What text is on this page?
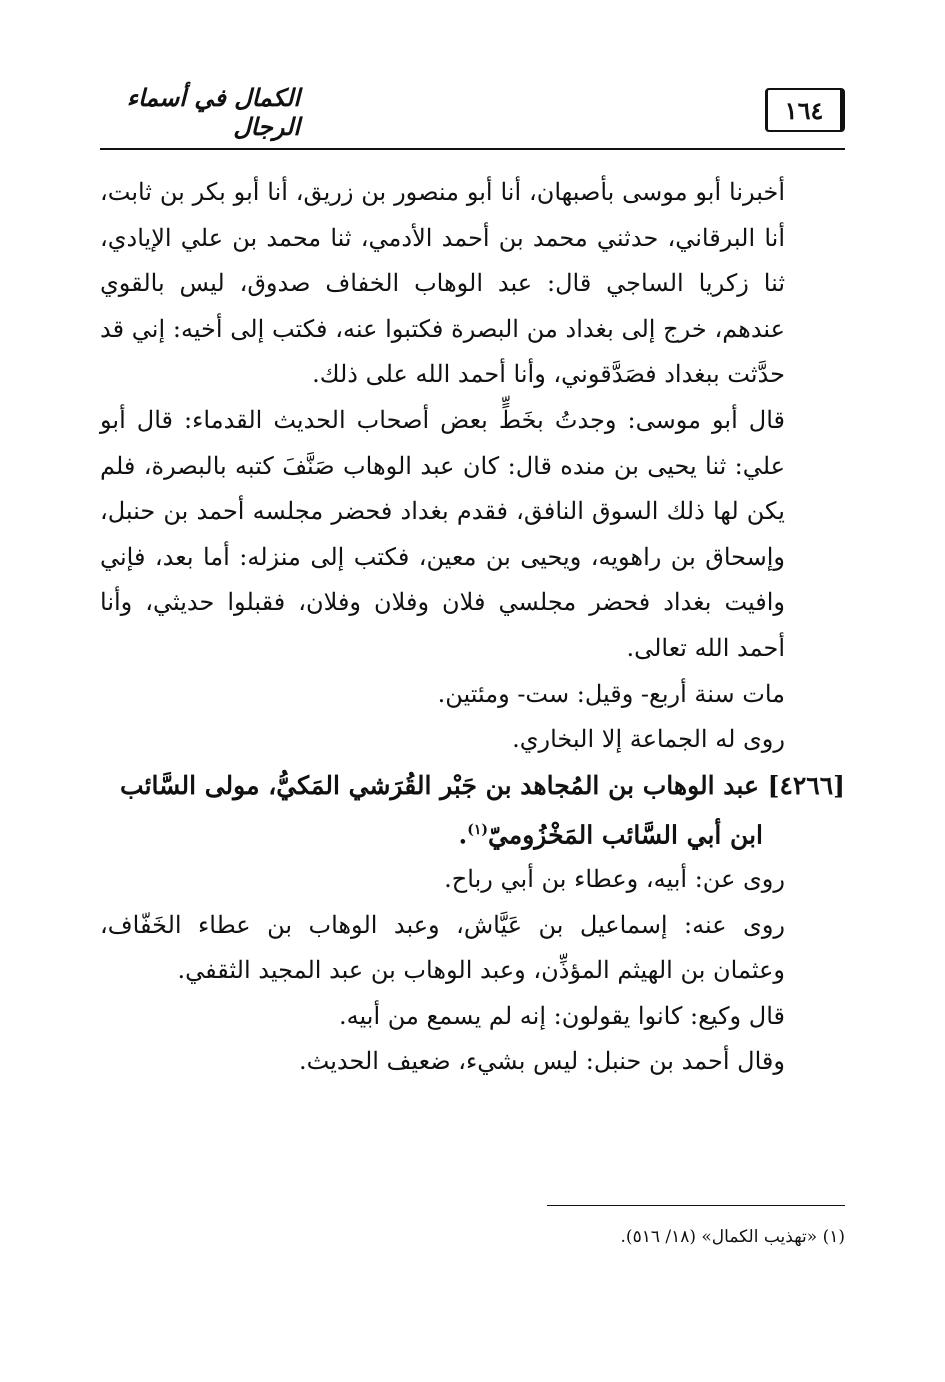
الكمال في أسماء الرجال
١٦٤

أخبرنا أبو موسى بأصبهان، أنا أبو منصور بن زريق، أنا أبو بكر بن ثابت، أنا البرقاني، حدثني محمد بن أحمد الأدمي، ثنا محمد بن علي الإيادي، ثنا زكريا الساجي قال: عبد الوهاب الخفاف صدوق، ليس بالقوي عندهم، خرج إلى بغداد من البصرة فكتبوا عنه، فكتب إلى أخيه: إني قد حدَّثت ببغداد فصَدَّقوني، وأنا أحمد الله على ذلك.

قال أبو موسى: وجدتُ بخَطٍّ بعض أصحاب الحديث القدماء: قال أبو علي: ثنا يحيى بن منده قال: كان عبد الوهاب صَنَّفَ كتبه بالبصرة، فلم يكن لها ذلك السوق النافق، فقدم بغداد فحضر مجلسه أحمد بن حنبل، وإسحاق بن راهويه، ويحيى بن معين، فكتب إلى منزله: أما بعد، فإني وافيت بغداد فحضر مجلسي فلان وفلان وفلان، فقبلوا حديثي، وأنا أحمد الله تعالى.

مات سنة أربع- وقيل: ست- ومئتين.

روى له الجماعة إلا البخاري.

[٤٢٦٦] عبد الوهاب بن المُجاهد بن جَبْر القُرَشي المَكيُّ، مولى السَّائب
ابن أبي السَّائب المَخْزُوميّ$^{(١)}$.

روى عن: أبيه، وعطاء بن أبي رباح.

روى عنه: إسماعيل بن عَيَّاش، وعبد الوهاب بن عطاء الخَفّاف، وعثمان بن الهيثم المؤذِّن، وعبد الوهاب بن عبد المجيد الثقفي.

قال وكيع: كانوا يقولون: إنه لم يسمع من أبيه.

وقال أحمد بن حنبل: ليس بشيء، ضعيف الحديث.

(١) «تهذيب الكمال» (١٨/ ٥١٦).
